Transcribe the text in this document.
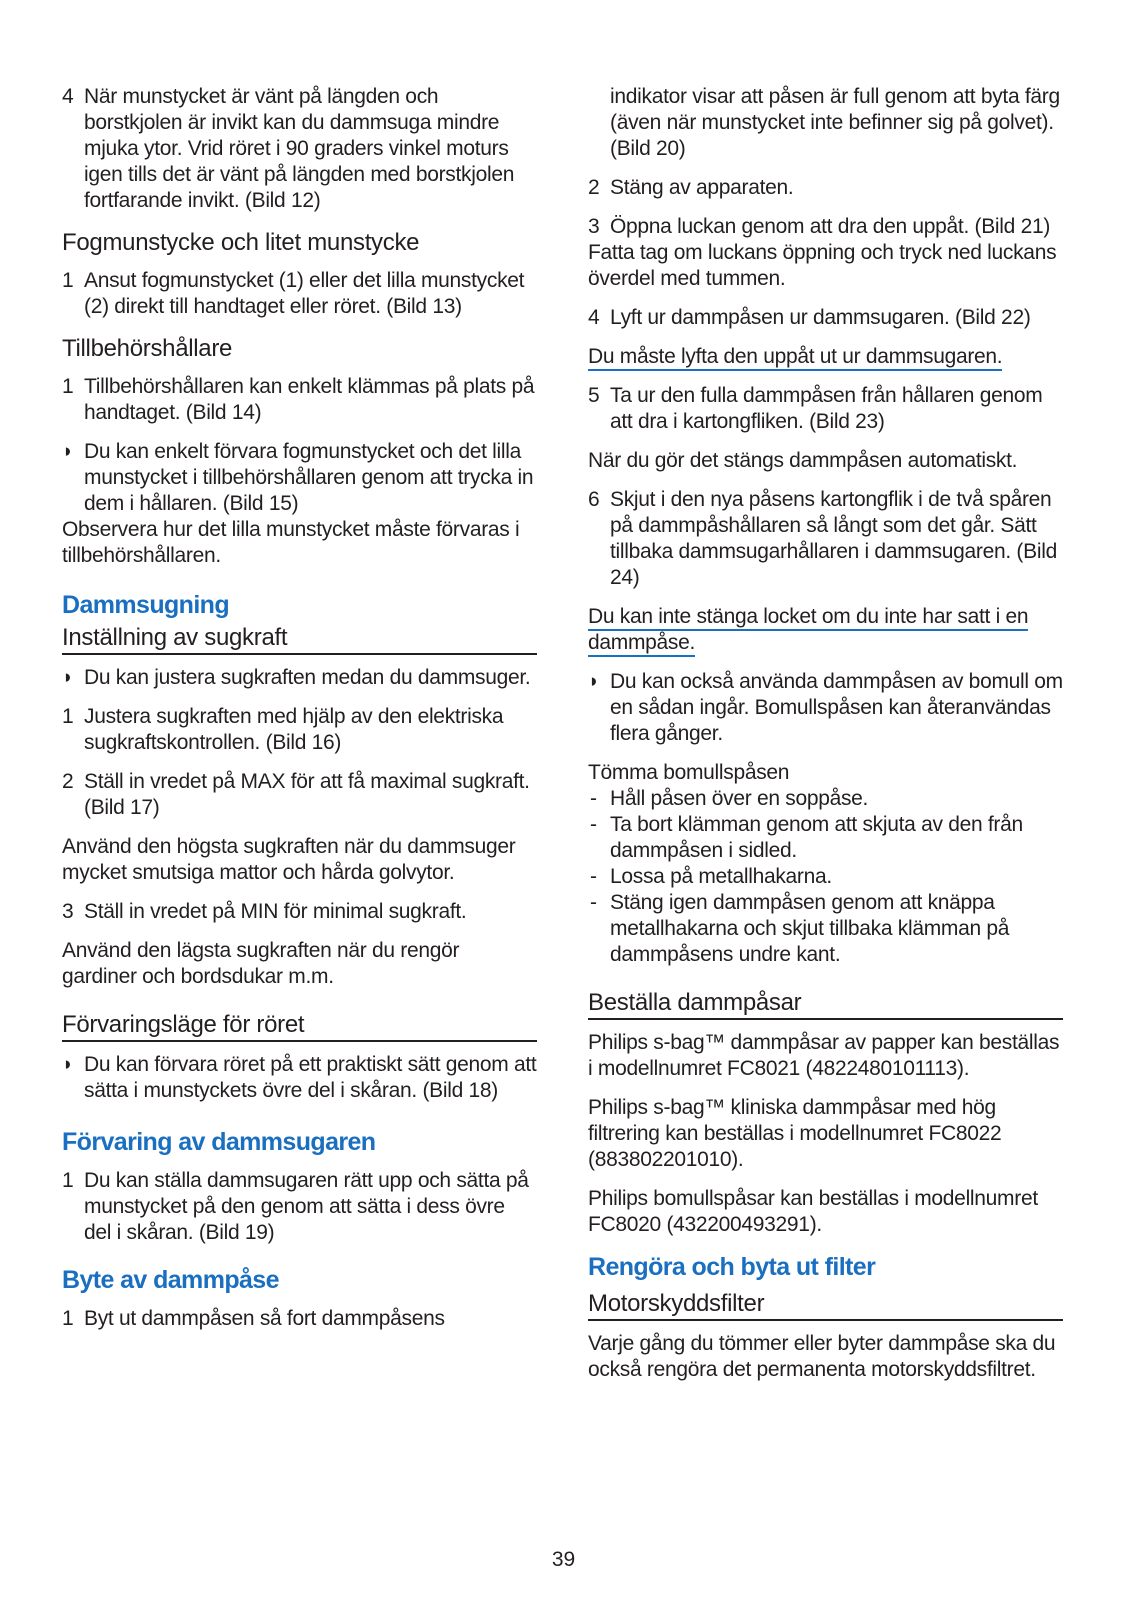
4 När munstycket är vänt på längden och borstkjolen är invikt kan du dammsuga mindre mjuka ytor. Vrid röret i 90 graders vinkel moturs igen tills det är vänt på längden med borstkjolen fortfarande invikt. (Bild 12)
Fogmunstycke och litet munstycke
1 Ansut fogmunstycket (1) eller det lilla munstycket (2) direkt till handtaget eller röret. (Bild 13)
Tillbehörshållare
1 Tillbehörshållaren kan enkelt klämmas på plats på handtaget. (Bild 14)
◗ Du kan enkelt förvara fogmunstycket och det lilla munstycket i tillbehörshållaren genom att trycka in dem i hållaren. (Bild 15)

Observera hur det lilla munstycket måste förvaras i tillbehörshållaren.

Dammsugning
Inställning av sugkraft
◗ Du kan justera sugkraften medan du dammsuger.
1 Justera sugkraften med hjälp av den elektriska sugkraftskontrollen. (Bild 16)
2 Ställ in vredet på MAX för att få maximal sugkraft. (Bild 17)

Använd den högsta sugkraften när du dammsuger mycket smutsiga mattor och hårda golvytor.

3 Ställ in vredet på MIN för minimal sugkraft.

Använd den lägsta sugkraften när du rengör gardiner och bordsdukar m.m.

Förvaringsläge för röret
◗ Du kan förvara röret på ett praktiskt sätt genom att sätta i munstyckets övre del i skåran. (Bild 18)
Förvaring av dammsugaren
1 Du kan ställa dammsugaren rätt upp och sätta på munstycket på den genom att sätta i dess övre del i skåran. (Bild 19)
Byte av dammpåse
1 Byt ut dammpåsen så fort dammpåsens

indikator visar att påsen är full genom att byta färg (även när munstycket inte befinner sig på golvet). (Bild 20)

2 Stäng av apparaten.
3 Öppna luckan genom att dra den uppåt. (Bild 21)

Fatta tag om luckans öppning och tryck ned luckans överdel med tummen.

4 Lyft ur dammpåsen ur dammsugaren. (Bild 22)

Du måste lyfta den uppåt ut ur dammsugaren.

5 Ta ur den fulla dammpåsen från hållaren genom att dra i kartongfliken. (Bild 23)

När du gör det stängs dammpåsen automatiskt.

6 Skjut i den nya påsens kartongflik i de två spåren på dammpåshållaren så långt som det går. Sätt tillbaka dammsugarhållaren i dammsugaren. (Bild 24)

Du kan inte stänga locket om du inte har satt i en dammpåse.

◗ Du kan också använda dammpåsen av bomull om en sådan ingår. Bomullspåsen kan återanvändas flera gånger.

Tömma bomullspåsen

- Håll påsen över en soppåse.
- Ta bort klämman genom att skjuta av den från dammpåsen i sidled.
- Lossa på metallhakarna.
- Stäng igen dammpåsen genom att knäppa metallhakarna och skjut tillbaka klämman på dammpåsens undre kant.
Beställa dammpåsar

Philips s-bag™ dammpåsar av papper kan beställas i modellnumret FC8021 (4822480101113).

Philips s-bag™ kliniska dammpåsar med hög filtrering kan beställas i modellnumret FC8022 (883802201010).

Philips bomullspåsar kan beställas i modellnumret FC8020 (432200493291).

Rengöra och byta ut filter
Motorskyddsfilter

Varje gång du tömmer eller byter dammpåse ska du också rengöra det permanenta motorskyddsfiltret.

39
